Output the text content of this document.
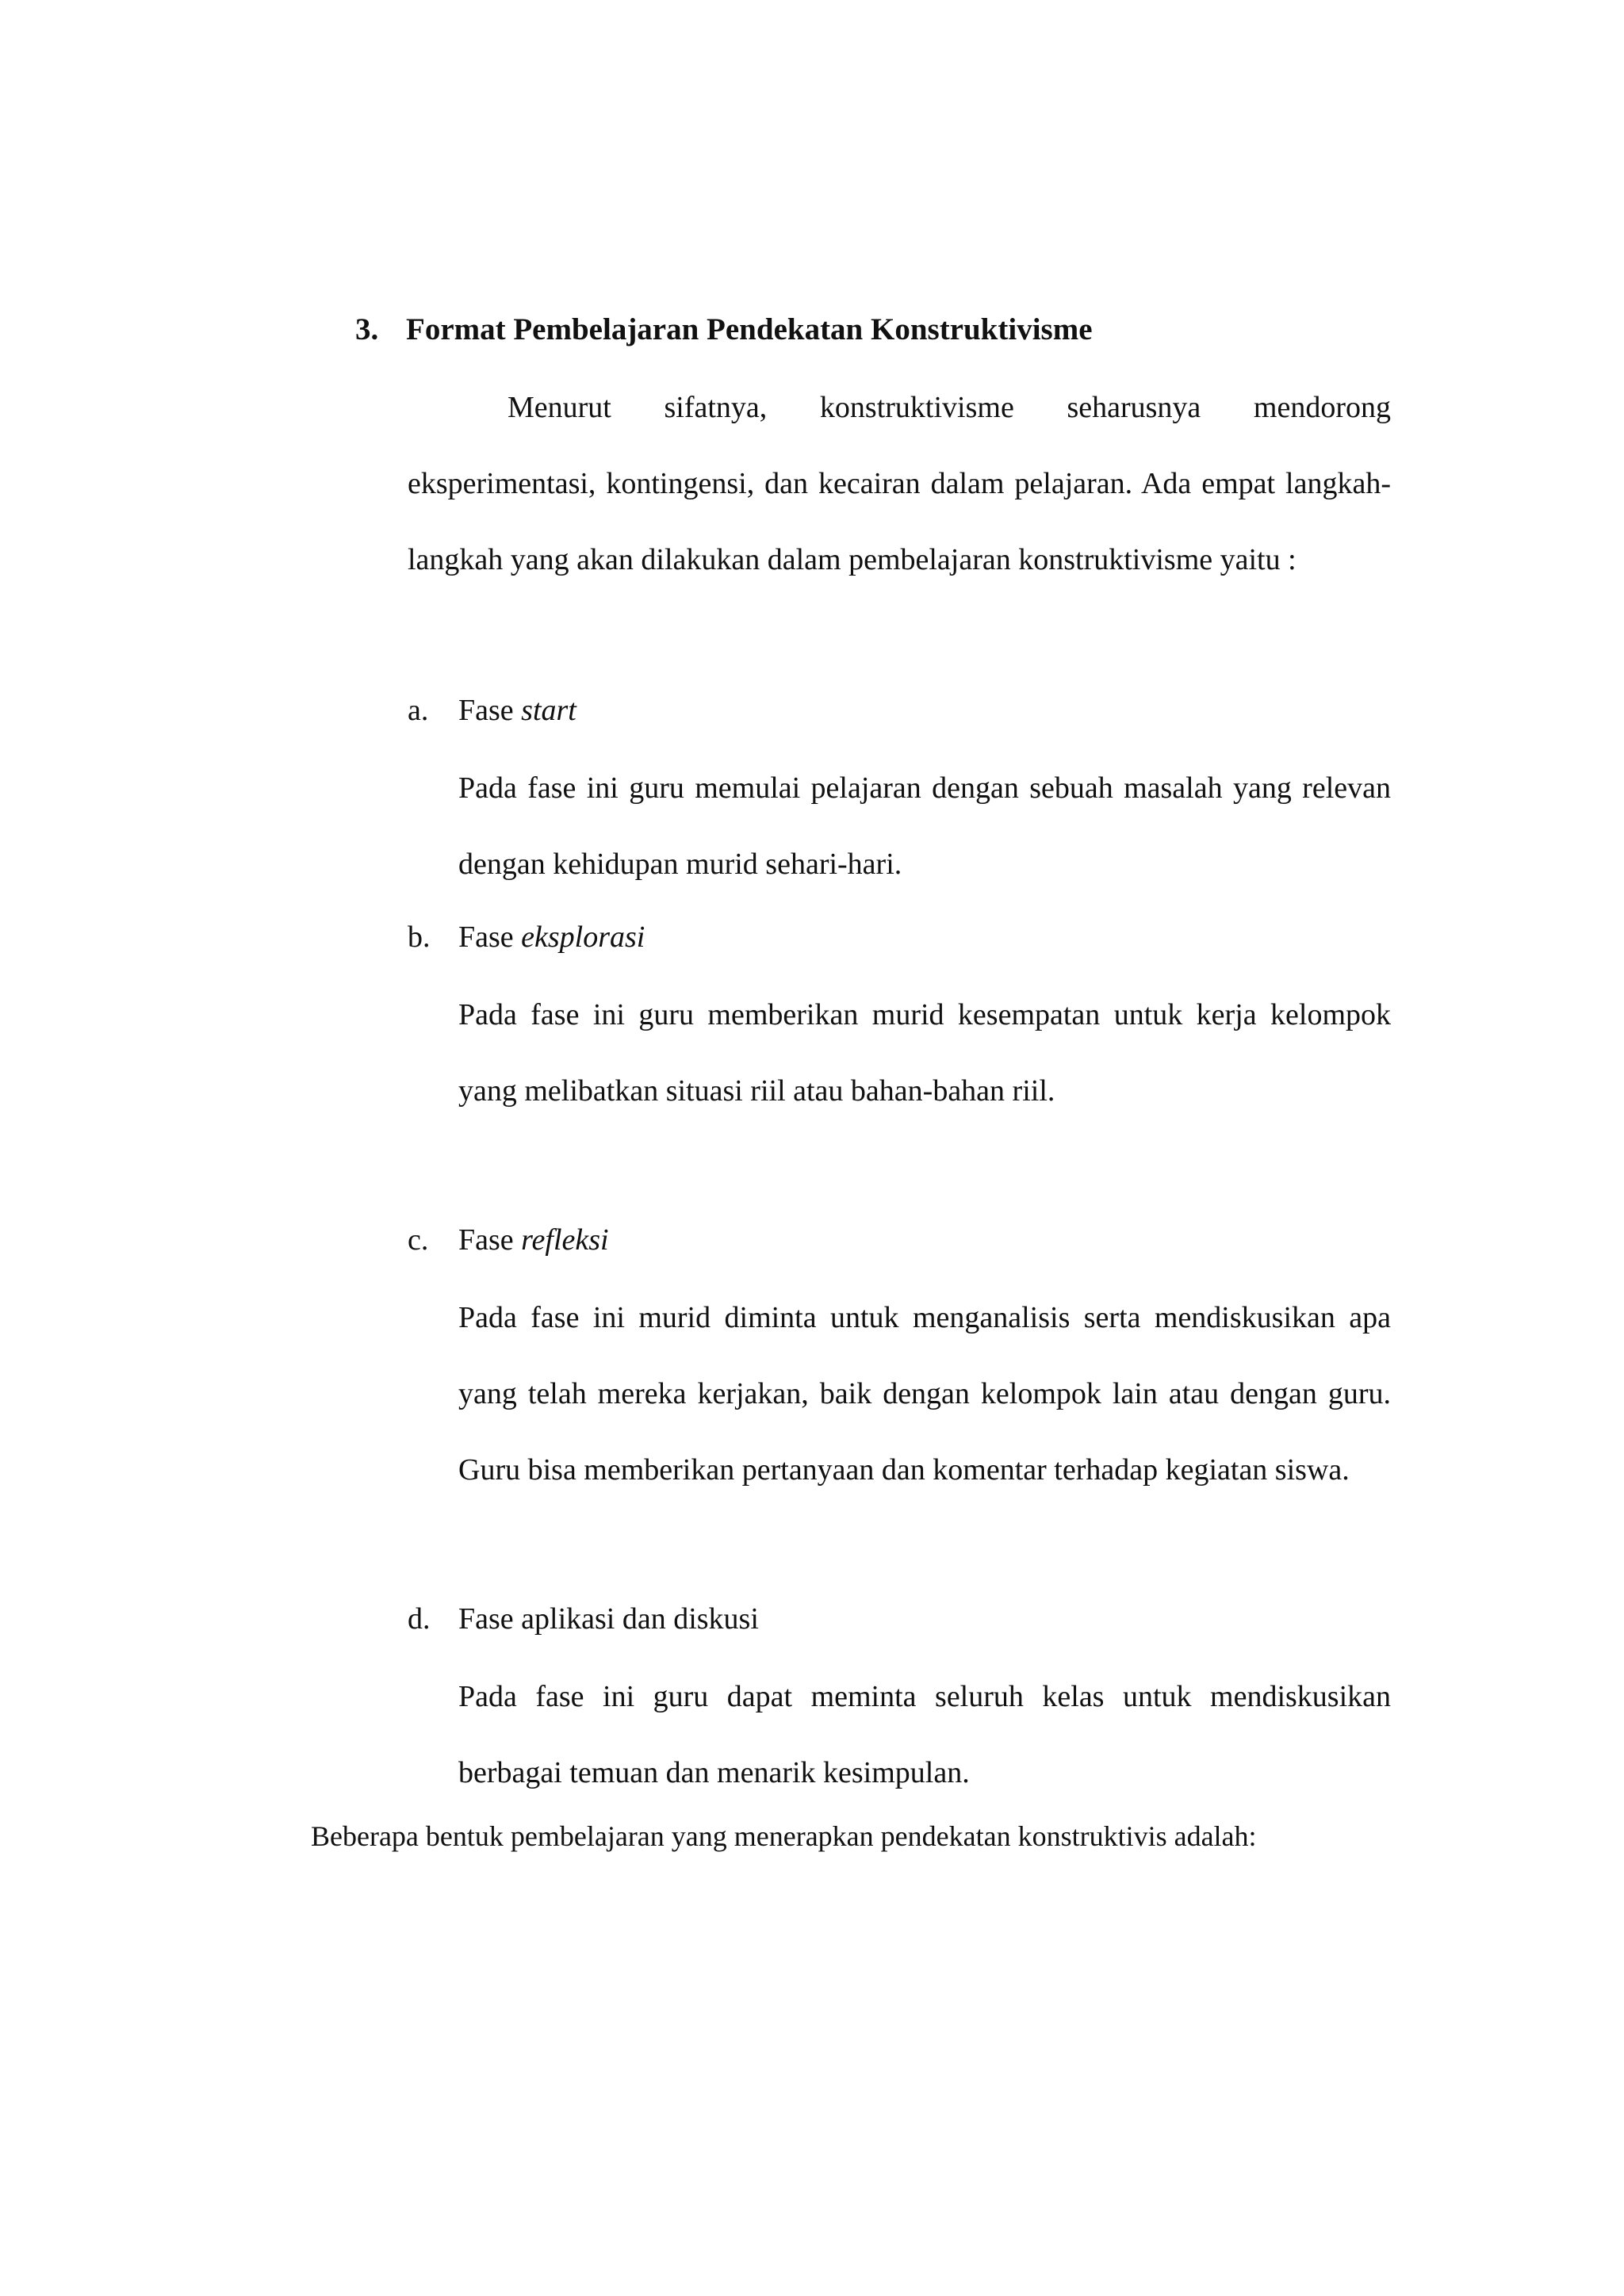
3. Format Pembelajaran Pendekatan Konstruktivisme

Menurut sifatnya, konstruktivisme seharusnya mendorong eksperimentasi, kontingensi, dan kecairan dalam pelajaran. Ada empat langkah-langkah yang akan dilakukan dalam pembelajaran konstruktivisme yaitu :

a. Fase start

Pada fase ini guru memulai pelajaran dengan sebuah masalah yang relevan dengan kehidupan murid sehari-hari.

b. Fase eksplorasi

Pada fase ini guru memberikan murid kesempatan untuk kerja kelompok yang melibatkan situasi riil atau bahan-bahan riil.

c. Fase refleksi

Pada fase ini murid diminta untuk menganalisis serta mendiskusikan apa yang telah mereka kerjakan, baik dengan kelompok lain atau dengan guru. Guru bisa memberikan pertanyaan dan komentar terhadap kegiatan siswa.

d. Fase aplikasi dan diskusi

Pada fase ini guru dapat meminta seluruh kelas untuk mendiskusikan berbagai temuan dan menarik kesimpulan.

Beberapa bentuk pembelajaran yang menerapkan pendekatan konstruktivis adalah:
